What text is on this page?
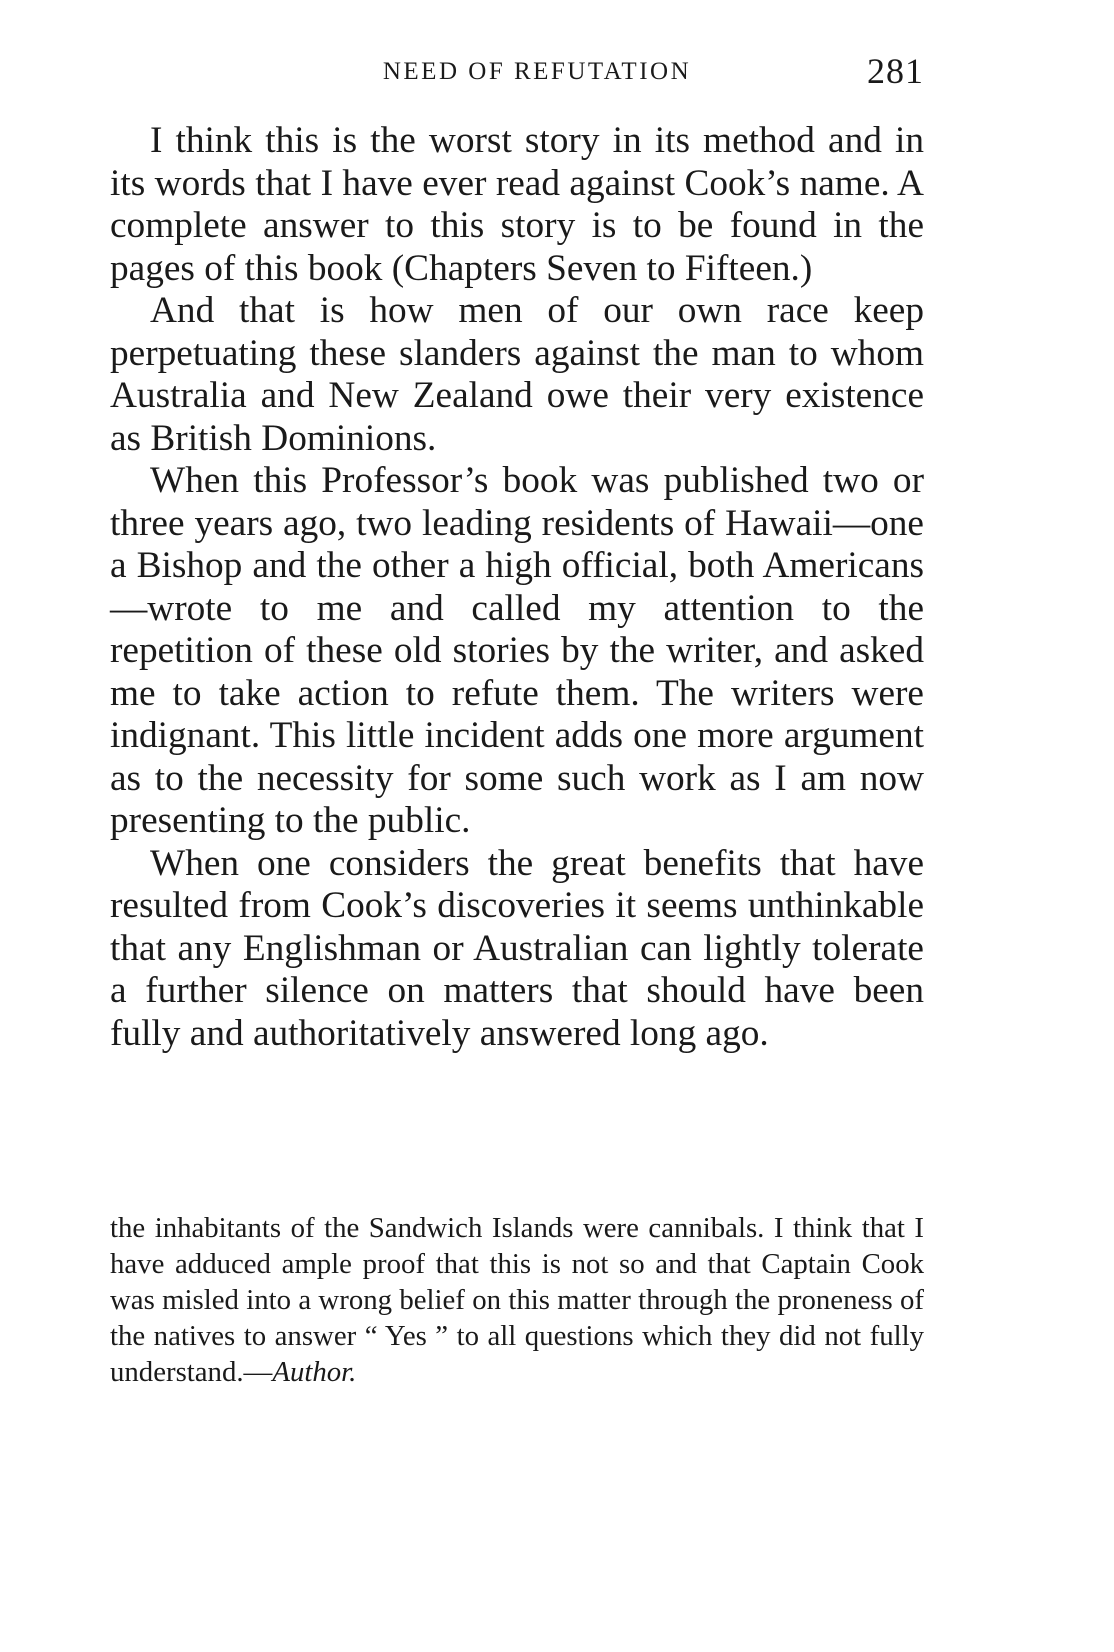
NEED OF REFUTATION	281

I think this is the worst story in its method and in its words that I have ever read against Cook’s name. A complete answer to this story is to be found in the pages of this book (Chapters Seven to Fifteen.)

And that is how men of our own race keep perpetuating these slanders against the man to whom Australia and New Zealand owe their very existence as British Dominions.

When this Professor’s book was published two or three years ago, two leading residents of Hawaii—one a Bishop and the other a high official, both Americans—wrote to me and called my attention to the repetition of these old stories by the writer, and asked me to take action to refute them. The writers were indignant. This little incident adds one more argument as to the necessity for some such work as I am now presenting to the public.

When one considers the great benefits that have resulted from Cook’s discoveries it seems unthinkable that any Englishman or Australian can lightly tolerate a further silence on matters that should have been fully and authoritatively answered long ago.

the inhabitants of the Sandwich Islands were cannibals. I think that I have adduced ample proof that this is not so and that Captain Cook was misled into a wrong belief on this matter through the proneness of the natives to answer “ Yes ” to all questions which they did not fully understand.—Author.
